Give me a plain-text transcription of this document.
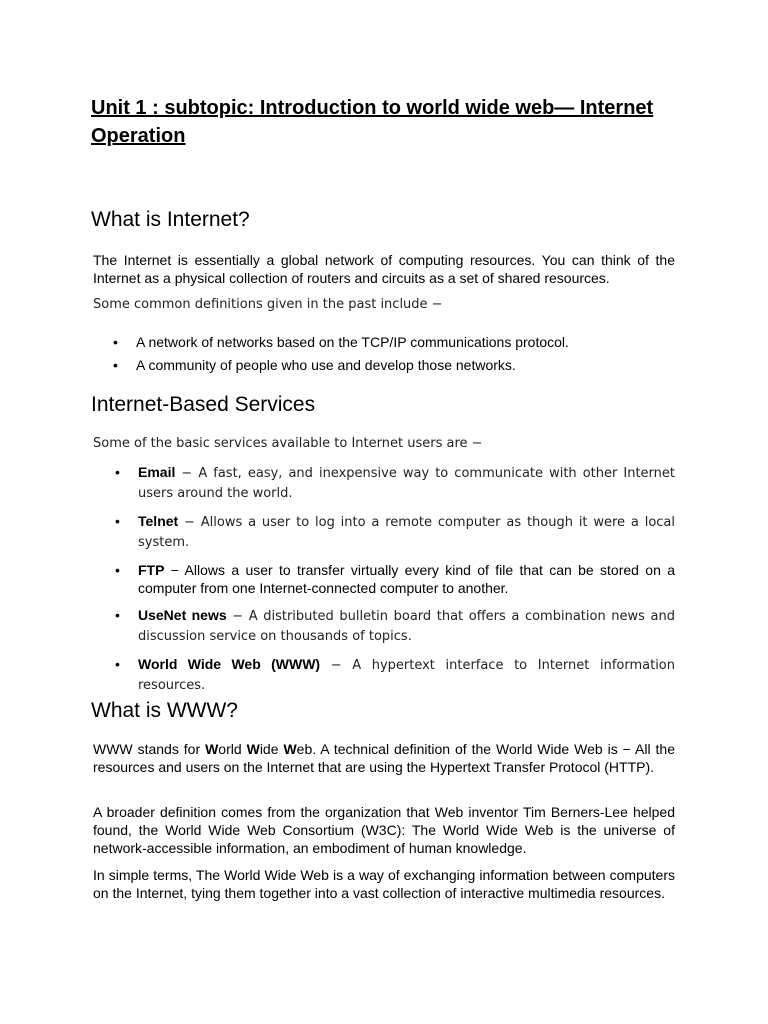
Unit 1 : subtopic: Introduction to world wide web— Internet Operation
What is Internet?

The Internet is essentially a global network of computing resources. You can think of the Internet as a physical collection of routers and circuits as a set of shared resources.

Some common definitions given in the past include −

• A network of networks based on the TCP/IP communications protocol.
• A community of people who use and develop those networks.
Internet-Based Services

Some of the basic services available to Internet users are −

• Email − A fast, easy, and inexpensive way to communicate with other Internet users around the world.
• Telnet − Allows a user to log into a remote computer as though it were a local system.
• FTP − Allows a user to transfer virtually every kind of file that can be stored on a computer from one Internet-connected computer to another.
• UseNet news − A distributed bulletin board that offers a combination news and discussion service on thousands of topics.
• World Wide Web (WWW) − A hypertext interface to Internet information resources.
What is WWW?

WWW stands for World Wide Web. A technical definition of the World Wide Web is − All the resources and users on the Internet that are using the Hypertext Transfer Protocol (HTTP).

A broader definition comes from the organization that Web inventor Tim Berners-Lee helped found, the World Wide Web Consortium (W3C): The World Wide Web is the universe of network-accessible information, an embodiment of human knowledge.

In simple terms, The World Wide Web is a way of exchanging information between computers on the Internet, tying them together into a vast collection of interactive multimedia resources.
